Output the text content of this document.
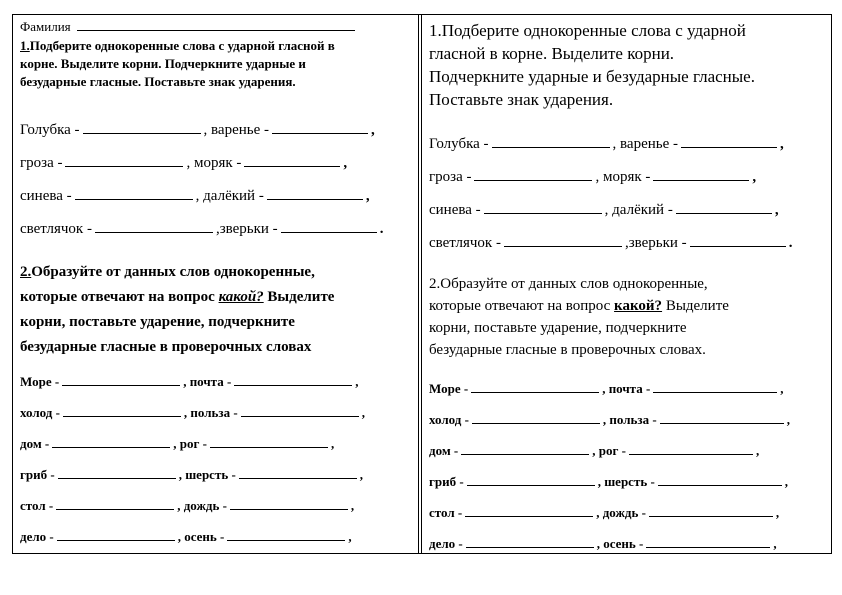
Фамилия
1.Подберите однокоренные слова с ударной гласной в
корне. Выделите корни. Подчеркните ударные и
безударные гласные. Поставьте знак ударения.
Голубка -	, варенье -	,
гроза -	, моряк -	,
синева -	, далёкий -	,
светлячок -	,зверьки -	.
2.Образуйте от данных слов однокоренные,
которые отвечают на вопрос какой? Выделите
корни, поставьте ударение, подчеркните
безударные гласные в проверочных словах
Море -	, почта -	,
холод -	, польза -	,
дом -	, рог -	,
гриб -	, шерсть -	,
стол -	, дождь -	,
дело -	, осень -	,
1.Подберите однокоренные слова с ударной
гласной в корне. Выделите корни.
Подчеркните ударные и безударные гласные.
Поставьте знак ударения.
Голубка -	, варенье -	,
гроза -	, моряк -	,
синева -	, далёкий -	,
светлячок -	,зверьки -	.
2.Образуйте от данных слов однокоренные,
которые отвечают на вопрос какой? Выделите
корни, поставьте ударение, подчеркните
безударные гласные в проверочных словах.
Море -	, почта -	,
холод -	, польза -	,
дом -	, рог -	,
гриб -	, шерсть -	,
стол -	, дождь -	,
дело -	, осень -	,
